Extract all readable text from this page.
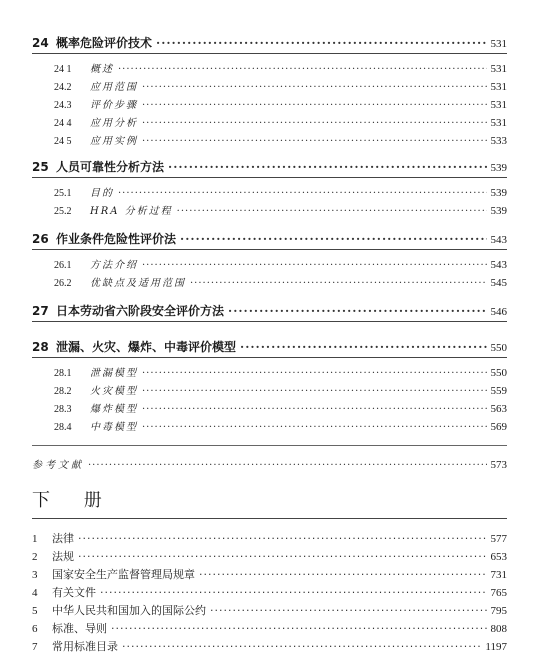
24 概率危险评价技术 ·····	531
24 1	概述 ·····	531
24.2	应用范围 ·····	531
24.3	评价步骤 ·····	531
24 4	应用分析 ·····	531
24 5	应用实例 ·····	533
25 人员可靠性分析方法 ·····	539
25.1	目的 ·····	539
25.2	HRA 分析过程 ·····	539
26 作业条件危险性评价法 ·····	543
26.1	方法介绍 ·····	543
26.2	优缺点及适用范围 ·····	545
27 日本劳动省六阶段安全评价方法 ·····	546
28 泄漏、火灾、爆炸、中毒评价模型 ·····	550
28.1	泄漏模型 ·····	550
28.2	火灾模型 ·····	559
28.3	爆炸模型 ·····	563
28.4	中毒模型 ·····	569
参考文献 ·····	573
下 册
1	法律 ·····	577
2	法规 ·····	653
3	国家安全生产监督管理局规章 ·····	731
4	有关文件 ·····	765
5	中华人民共和国加入的国际公约 ·····	795
6	标准、导则 ·····	808
7	常用标准目录 ·····	1197
